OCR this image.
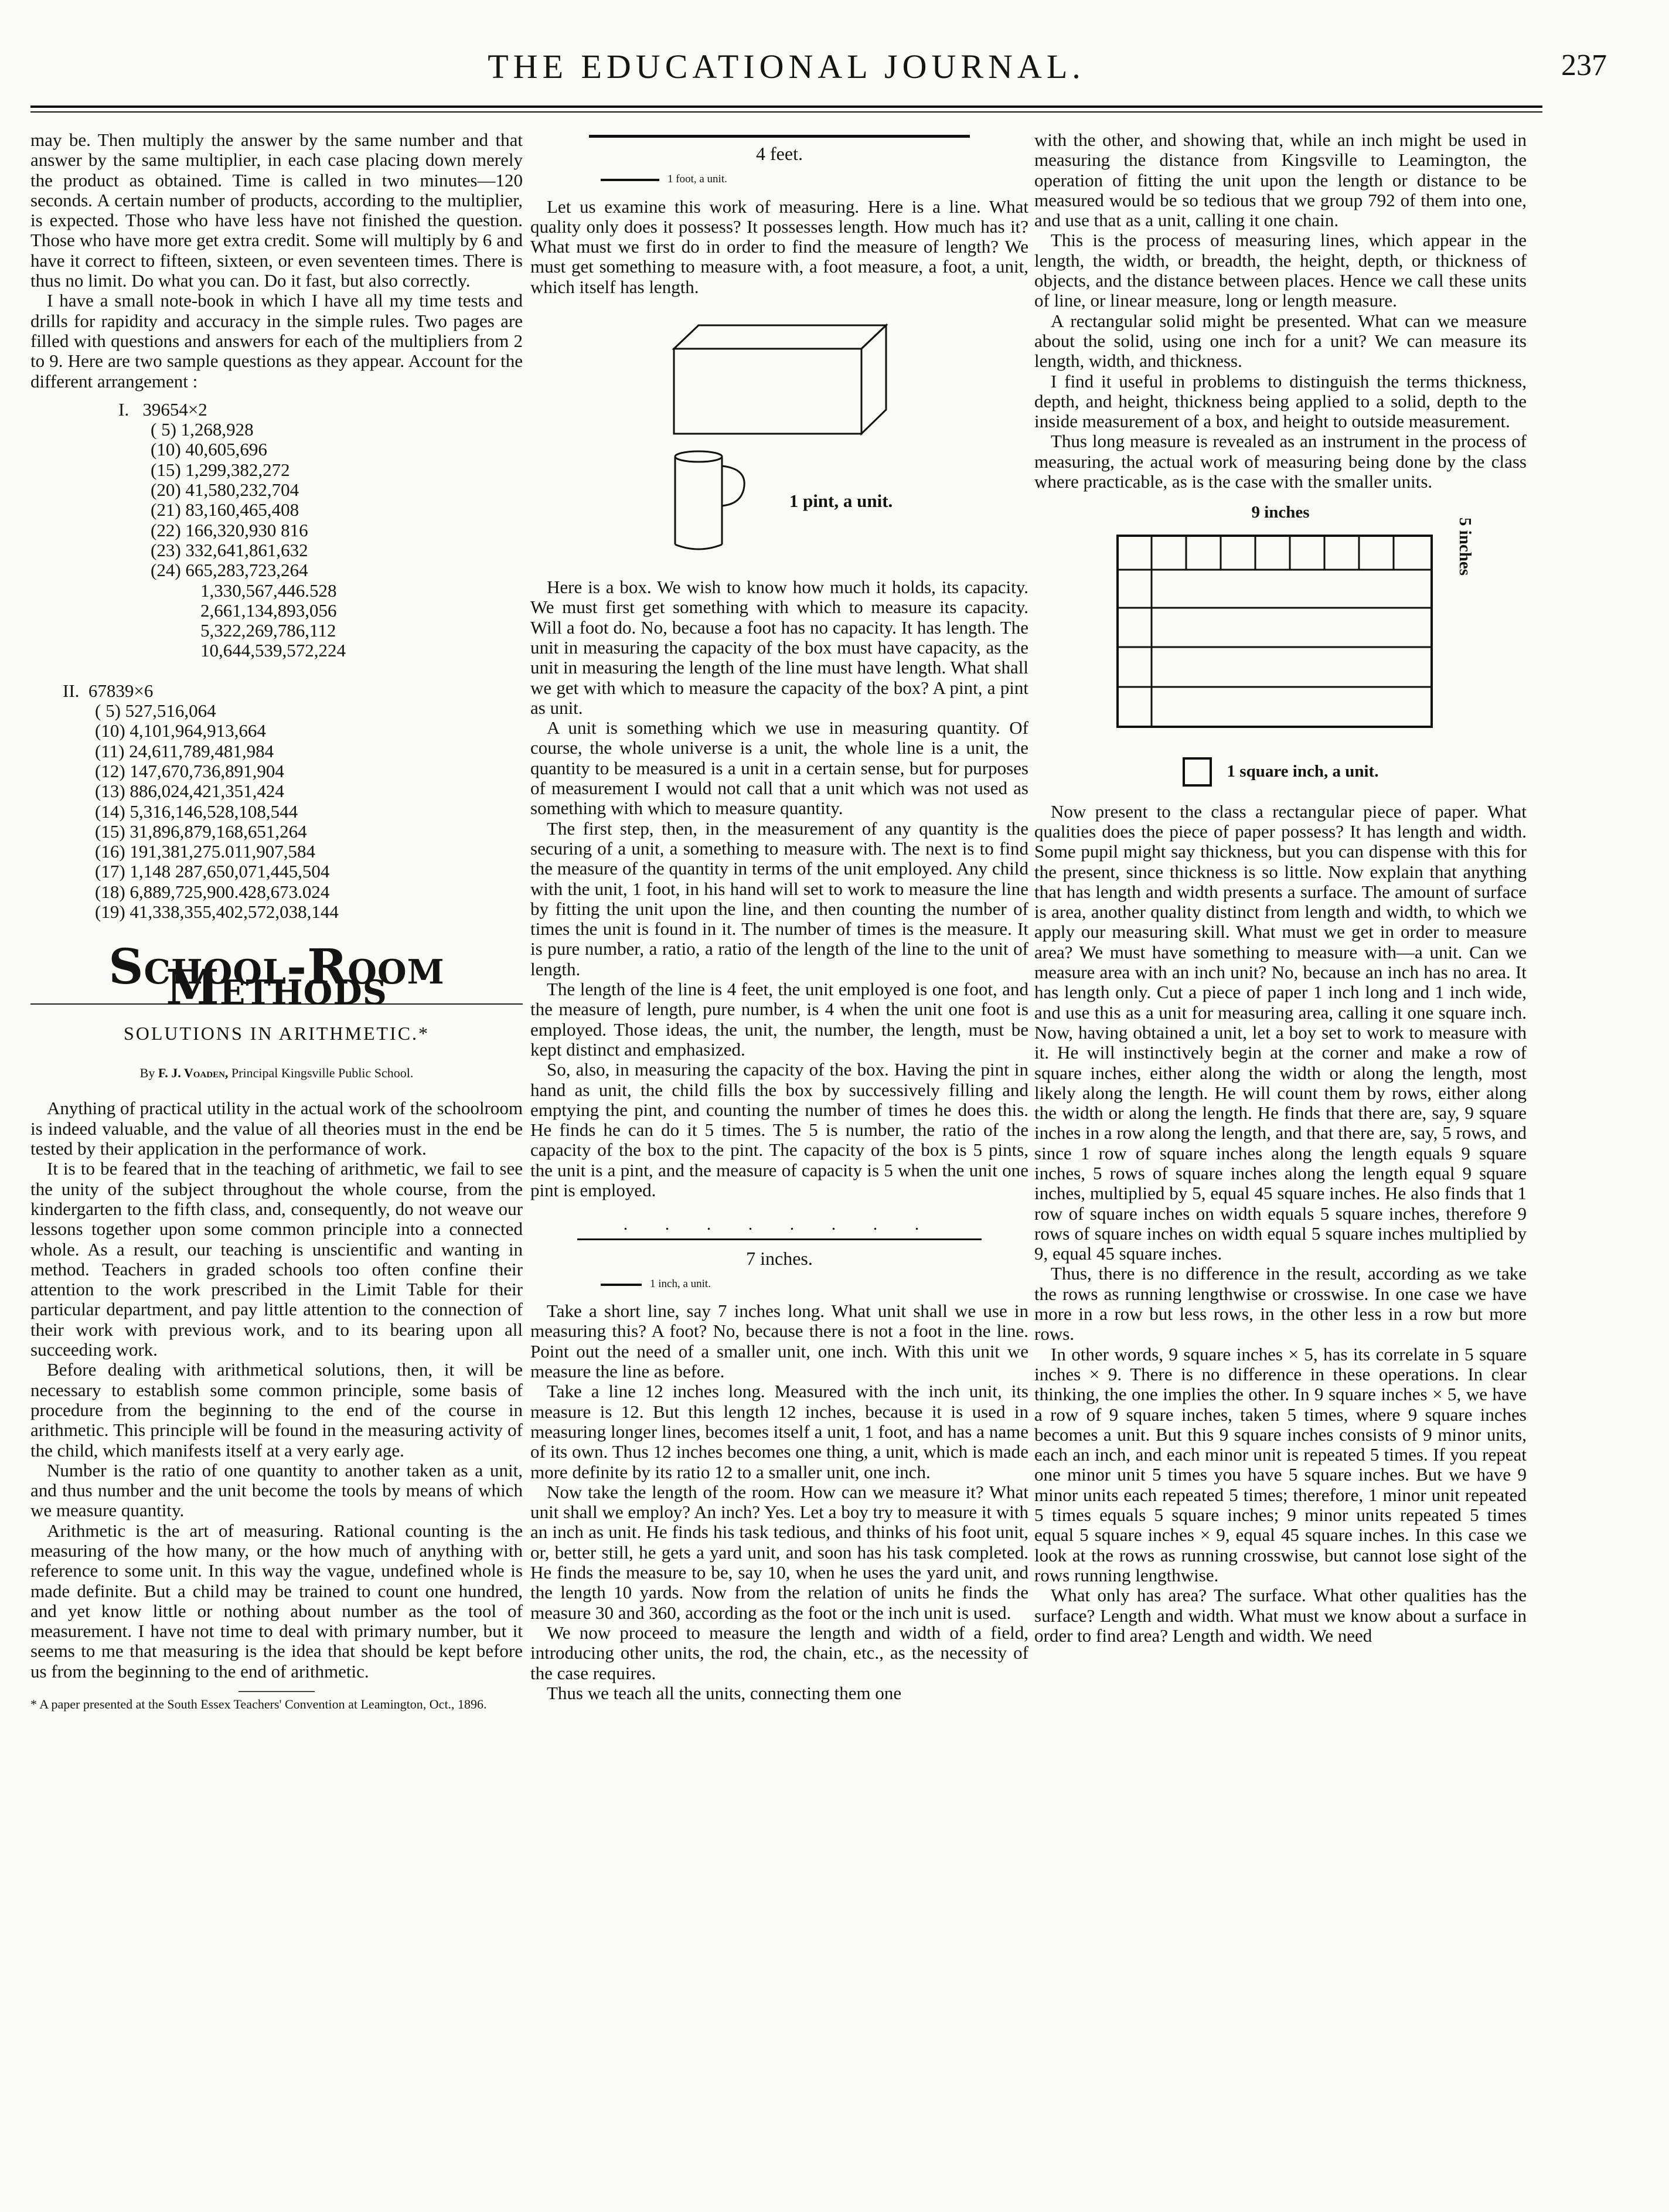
THE EDUCATIONAL JOURNAL.	237

may be. Then multiply the answer by the same number and that answer by the same multiplier, in each case placing down merely the product as obtained. Time is called in two minutes—120 seconds. A certain number of products, according to the multiplier, is expected. Those who have less have not finished the question. Those who have more get extra credit. Some will multiply by 6 and have it correct to fifteen, sixteen, or even seventeen times. There is thus no limit. Do what you can. Do it fast, but also correctly.

I have a small note-book in which I have all my time tests and drills for rapidity and accuracy in the simple rules. Two pages are filled with questions and answers for each of the multipliers from 2 to 9. Here are two sample questions as they appear. Account for the different arrangement :

I.   39654×2
( 5) 1,268,928
(10) 40,605,696
(15) 1,299,382,272
(20) 41,580,232,704
(21) 83,160,465,408
(22) 166,320,930 816
(23) 332,641,861,632
(24) 665,283,723,264
1,330,567,446.528
2,661,134,893,056
5,322,269,786,112
10,644,539,572,224
II.  67839×6
( 5) 527,516,064
(10) 4,101,964,913,664
(11) 24,611,789,481,984
(12) 147,670,736,891,904
(13) 886,024,421,351,424
(14) 5,316,146,528,108,544
(15) 31,896,879,168,651,264
(16) 191,381,275.011,907,584
(17) 1,148 287,650,071,445,504
(18) 6,889,725,900.428,673.024
(19) 41,338,355,402,572,038,144
School-Room Methods
SOLUTIONS IN ARITHMETIC.*
By F. J. Voaden, Principal Kingsville Public School.

Anything of practical utility in the actual work of the schoolroom is indeed valuable, and the value of all theories must in the end be tested by their application in the performance of work.

It is to be feared that in the teaching of arithmetic, we fail to see the unity of the subject throughout the whole course, from the kindergarten to the fifth class, and, consequently, do not weave our lessons together upon some common principle into a connected whole. As a result, our teaching is unscientific and wanting in method. Teachers in graded schools too often confine their attention to the work prescribed in the Limit Table for their particular department, and pay little attention to the connection of their work with previous work, and to its bearing upon all succeeding work.

Before dealing with arithmetical solutions, then, it will be necessary to establish some common principle, some basis of procedure from the beginning to the end of the course in arithmetic. This principle will be found in the measuring activity of the child, which manifests itself at a very early age.

Number is the ratio of one quantity to another taken as a unit, and thus number and the unit become the tools by means of which we measure quantity.

Arithmetic is the art of measuring. Rational counting is the measuring of the how many, or the how much of anything with reference to some unit. In this way the vague, undefined whole is made definite. But a child may be trained to count one hundred, and yet know little or nothing about number as the tool of measurement. I have not time to deal with primary number, but it seems to me that measuring is the idea that should be kept before us from the beginning to the end of arithmetic.

* A paper presented at the South Essex Teachers' Convention at Leamington, Oct., 1896.

4 feet.
1 foot, a unit.

Let us examine this work of measuring. Here is a line. What quality only does it possess? It possesses length. How much has it? What must we first do in order to find the measure of length? We must get something to measure with, a foot measure, a foot, a unit, which itself has length.

1 pint, a unit.

Here is a box. We wish to know how much it holds, its capacity. We must first get something with which to measure its capacity. Will a foot do. No, because a foot has no capacity. It has length. The unit in measuring the capacity of the box must have capacity, as the unit in measuring the length of the line must have length. What shall we get with which to measure the capacity of the box? A pint, a pint as unit.

A unit is something which we use in measuring quantity. Of course, the whole universe is a unit, the whole line is a unit, the quantity to be measured is a unit in a certain sense, but for purposes of measurement I would not call that a unit which was not used as something with which to measure quantity.

The first step, then, in the measurement of any quantity is the securing of a unit, a something to measure with. The next is to find the measure of the quantity in terms of the unit employed. Any child with the unit, 1 foot, in his hand will set to work to measure the line by fitting the unit upon the line, and then counting the number of times the unit is found in it. The number of times is the measure. It is pure number, a ratio, a ratio of the length of the line to the unit of length.

The length of the line is 4 feet, the unit employed is one foot, and the measure of length, pure number, is 4 when the unit one foot is employed. Those ideas, the unit, the number, the length, must be kept distinct and emphasized.

So, also, in measuring the capacity of the box. Having the pint in hand as unit, the child fills the box by successively filling and emptying the pint, and counting the number of times he does this. He finds he can do it 5 times. The 5 is number, the ratio of the capacity of the box to the pint. The capacity of the box is 5 pints, the unit is a pint, and the measure of capacity is 5 when the unit one pint is employed.

. . . . . . . .
7 inches.
1 inch, a unit.

Take a short line, say 7 inches long. What unit shall we use in measuring this? A foot? No, because there is not a foot in the line. Point out the need of a smaller unit, one inch. With this unit we measure the line as before.

Take a line 12 inches long. Measured with the inch unit, its measure is 12. But this length 12 inches, because it is used in measuring longer lines, becomes itself a unit, 1 foot, and has a name of its own. Thus 12 inches becomes one thing, a unit, which is made more definite by its ratio 12 to a smaller unit, one inch.

Now take the length of the room. How can we measure it? What unit shall we employ? An inch? Yes. Let a boy try to measure it with an inch as unit. He finds his task tedious, and thinks of his foot unit, or, better still, he gets a yard unit, and soon has his task completed. He finds the measure to be, say 10, when he uses the yard unit, and the length 10 yards. Now from the relation of units he finds the measure 30 and 360, according as the foot or the inch unit is used.

We now proceed to measure the length and width of a field, introducing other units, the rod, the chain, etc., as the necessity of the case requires.

Thus we teach all the units, connecting them one

with the other, and showing that, while an inch might be used in measuring the distance from Kingsville to Leamington, the operation of fitting the unit upon the length or distance to be measured would be so tedious that we group 792 of them into one, and use that as a unit, calling it one chain.

This is the process of measuring lines, which appear in the length, the width, or breadth, the height, depth, or thickness of objects, and the distance between places. Hence we call these units of line, or linear measure, long or length measure.

A rectangular solid might be presented. What can we measure about the solid, using one inch for a unit? We can measure its length, width, and thickness.

I find it useful in problems to distinguish the terms thickness, depth, and height, thickness being applied to a solid, depth to the inside measurement of a box, and height to outside measurement.

Thus long measure is revealed as an instrument in the process of measuring, the actual work of measuring being done by the class where practicable, as is the case with the smaller units.

9 inches
5 inches
1 square inch, a unit.

Now present to the class a rectangular piece of paper. What qualities does the piece of paper possess? It has length and width. Some pupil might say thickness, but you can dispense with this for the present, since thickness is so little. Now explain that anything that has length and width presents a surface. The amount of surface is area, another quality distinct from length and width, to which we apply our measuring skill. What must we get in order to measure area? We must have something to measure with—a unit. Can we measure area with an inch unit? No, because an inch has no area. It has length only. Cut a piece of paper 1 inch long and 1 inch wide, and use this as a unit for measuring area, calling it one square inch. Now, having obtained a unit, let a boy set to work to measure with it. He will instinctively begin at the corner and make a row of square inches, either along the width or along the length, most likely along the length. He will count them by rows, either along the width or along the length. He finds that there are, say, 9 square inches in a row along the length, and that there are, say, 5 rows, and since 1 row of square inches along the length equals 9 square inches, 5 rows of square inches along the length equal 9 square inches, multiplied by 5, equal 45 square inches. He also finds that 1 row of square inches on width equals 5 square inches, therefore 9 rows of square inches on width equal 5 square inches multiplied by 9, equal 45 square inches.

Thus, there is no difference in the result, according as we take the rows as running lengthwise or crosswise. In one case we have more in a row but less rows, in the other less in a row but more rows.

In other words, 9 square inches × 5, has its correlate in 5 square inches × 9. There is no difference in these operations. In clear thinking, the one implies the other. In 9 square inches × 5, we have a row of 9 square inches, taken 5 times, where 9 square inches becomes a unit. But this 9 square inches consists of 9 minor units, each an inch, and each minor unit is repeated 5 times. If you repeat one minor unit 5 times you have 5 square inches. But we have 9 minor units each repeated 5 times; therefore, 1 minor unit repeated 5 times equals 5 square inches; 9 minor units repeated 5 times equal 5 square inches × 9, equal 45 square inches. In this case we look at the rows as running crosswise, but cannot lose sight of the rows running lengthwise.

What only has area? The surface. What other qualities has the surface? Length and width. What must we know about a surface in order to find area? Length and width. We need
